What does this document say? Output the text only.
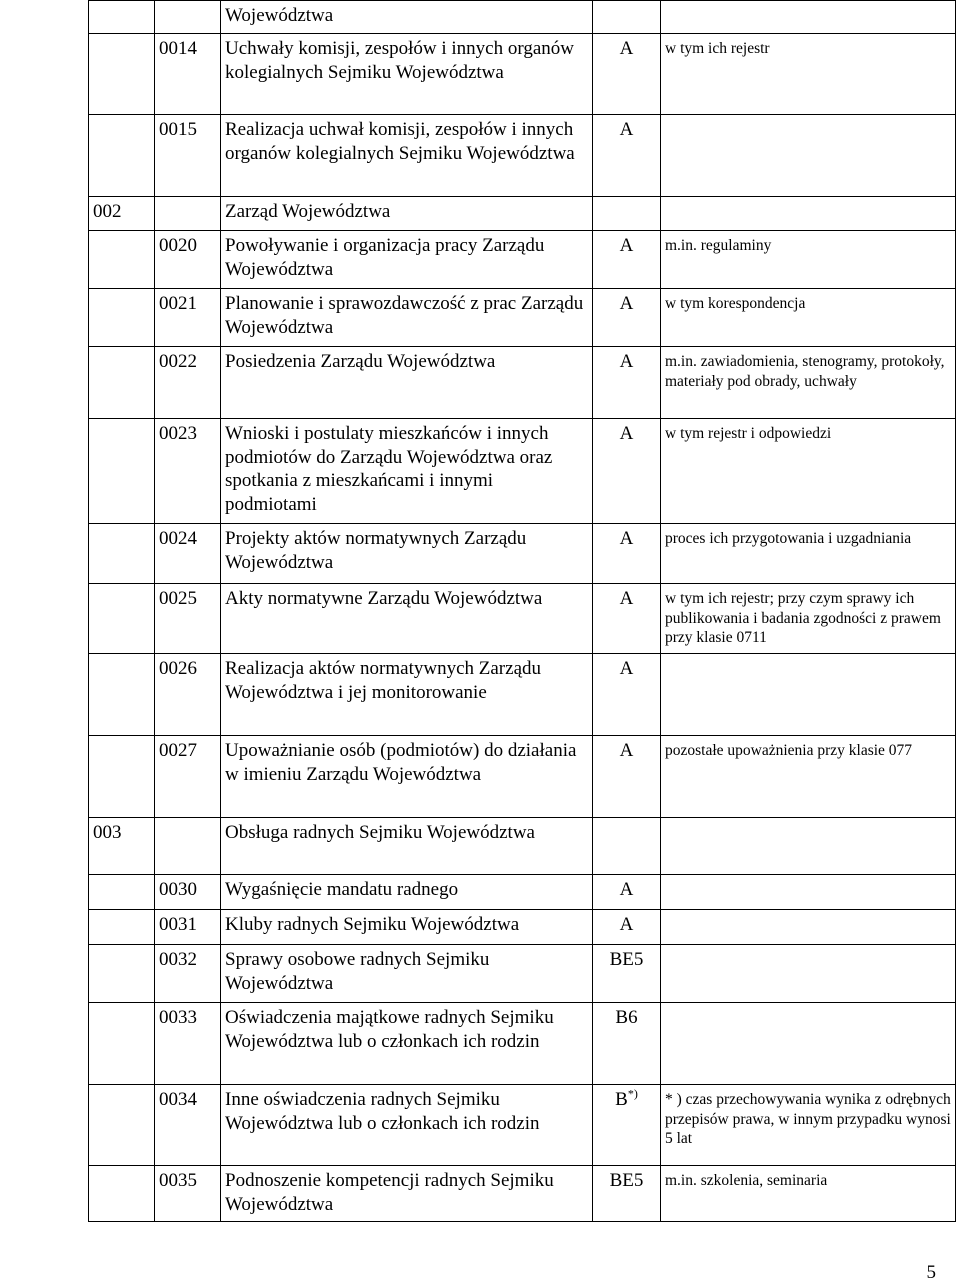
		Województwa		
	0014	Uchwały komisji, zespołów i innych organów kolegialnych Sejmiku Województwa	A	w tym ich rejestr
	0015	Realizacja uchwał komisji, zespołów i innych organów kolegialnych Sejmiku Województwa	A	
002		Zarząd Województwa		
	0020	Powoływanie i organizacja pracy Zarządu Województwa	A	m.in. regulaminy
	0021	Planowanie i sprawozdawczość z prac Zarządu Województwa	A	w tym korespondencja
	0022	Posiedzenia Zarządu Województwa	A	m.in. zawiadomienia, stenogramy, protokoły, materiały pod obrady, uchwały
	0023	Wnioski i postulaty mieszkańców i innych podmiotów do Zarządu Województwa oraz spotkania z mieszkańcami i innymi podmiotami	A	w tym rejestr i odpowiedzi
	0024	Projekty aktów normatywnych Zarządu Województwa	A	proces ich przygotowania i uzgadniania
	0025	Akty normatywne Zarządu Województwa	A	w tym ich rejestr; przy czym sprawy ich publikowania i badania zgodności z prawem przy klasie 0711
	0026	Realizacja aktów normatywnych Zarządu Województwa i jej monitorowanie	A	
	0027	Upoważnianie osób (podmiotów) do działania w imieniu Zarządu Województwa	A	pozostałe upoważnienia przy klasie 077
003		Obsługa radnych Sejmiku Województwa		
	0030	Wygaśnięcie mandatu radnego	A	
	0031	Kluby radnych Sejmiku Województwa	A	
	0032	Sprawy osobowe radnych Sejmiku Województwa	BE5	
	0033	Oświadczenia majątkowe radnych Sejmiku Województwa lub o członkach ich rodzin	B6	
	0034	Inne oświadczenia radnych Sejmiku Województwa lub o członkach ich rodzin	B*)	* ) czas przechowywania wynika z odrębnych przepisów prawa, w innym przypadku wynosi 5 lat
	0035	Podnoszenie kompetencji radnych Sejmiku Województwa	BE5	m.in. szkolenia, seminaria
5
